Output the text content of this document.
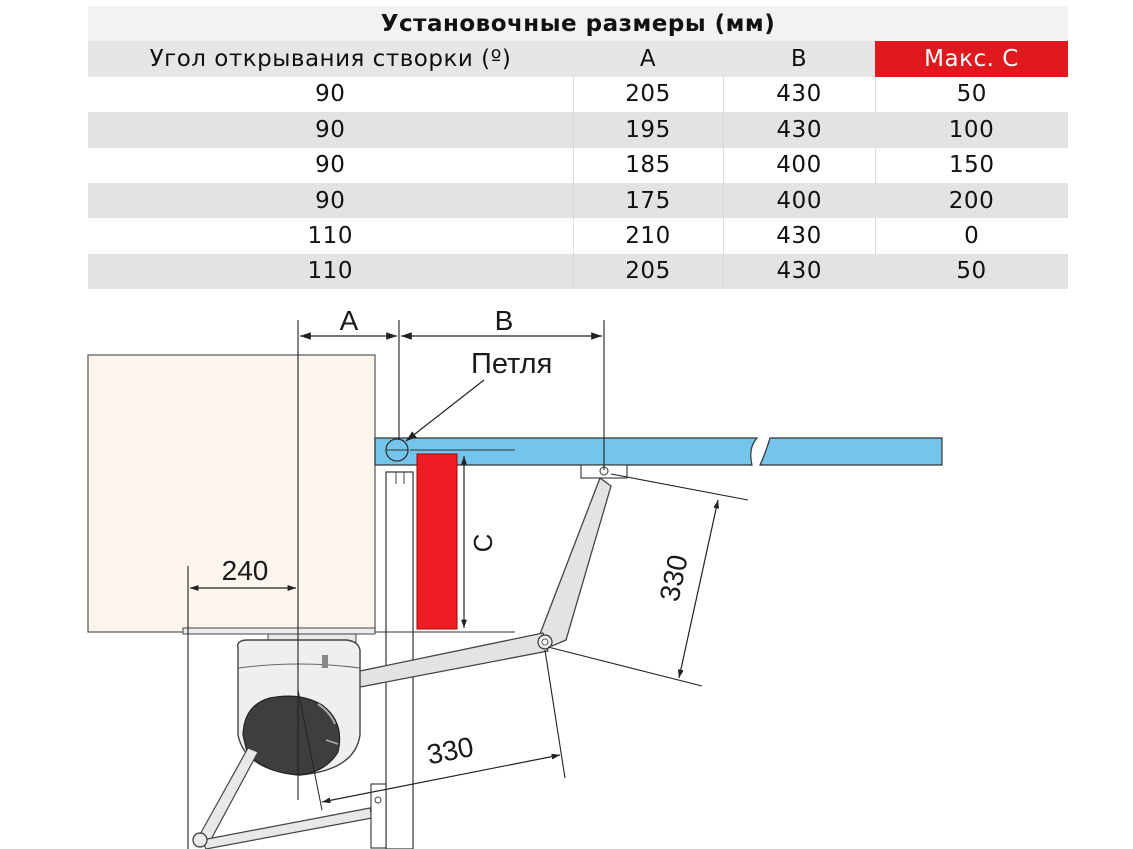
Установочные размеры (мм)			
Угол открывания створки (º)	A	B	Макс. C
90	205	430	50
90	195	430	100
90	185	400	150
90	175	400	200
110	210	430	0
110	205	430	50
A	B
Петля
C
240	330
330
